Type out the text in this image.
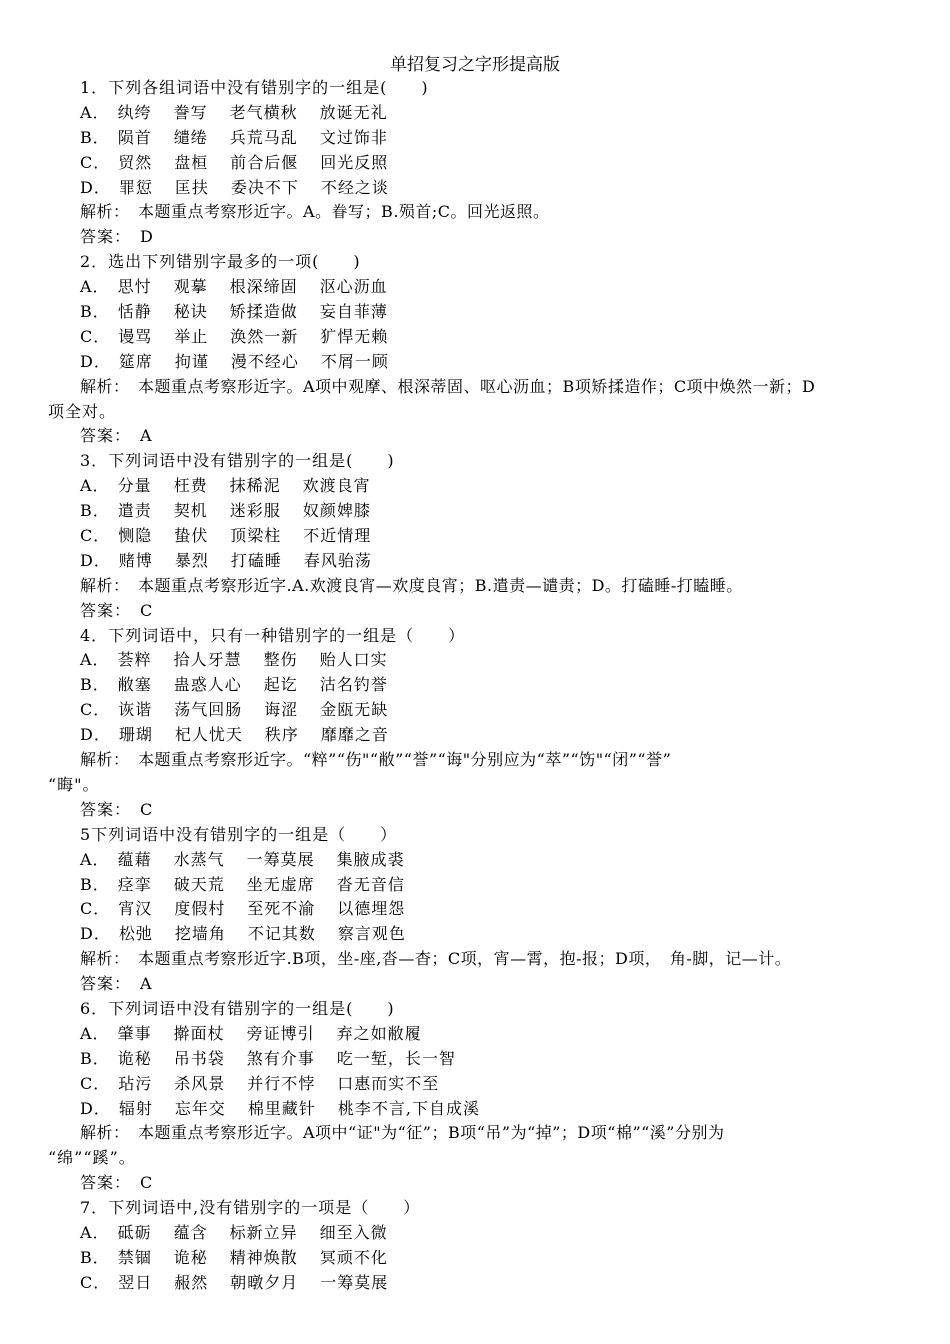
单招复习之字形提高版
1．下列各组词语中没有错别字的一组是(　　)
A． 纨绔 誊写 老气横秋 放诞无礼
B． 陨首 缱绻 兵荒马乱 文过饰非
C． 贸然 盘桓 前合后偃 回光反照
D． 罪愆 匡扶 委决不下 不经之谈
解析：　本题重点考察形近字。A。眷写；B.殒首;C。回光返照。
答案：　D
2．选出下列错别字最多的一项(　　)
A． 思忖 观摹 根深缔固 沤心沥血
B． 恬静 秘诀 矫揉造做 妄自菲薄
C． 谩骂 举止 涣然一新 犷悍无赖
D． 筵席 拘谨 漫不经心 不屑一顾
解析：　本题重点考察形近字。A项中观摩、根深蒂固、呕心沥血；B项矫揉造作；C项中焕然一新；D
项全对。
答案：　A
3．下列词语中没有错别字的一组是(　　)
A． 分量 枉费 抹稀泥 欢渡良宵
B． 遣责 契机 迷彩服 奴颜婢膝
C． 恻隐 蛰伏 顶梁柱 不近情理
D． 赌博 暴烈 打磕睡 春风骀荡
解析：　本题重点考察形近字.A.欢渡良宵—欢度良宵；B.遣责—谴责；D。打磕睡-打瞌睡。
答案：　C
4．下列词语中，只有一种错别字的一组是（　　）
A． 荟粹 拾人牙慧 整伤 贻人口实
B． 敝塞 蛊惑人心 起讫 沽名钓誉
C． 诙谐 荡气回肠 诲涩 金瓯无缺
D． 珊瑚 杞人忧天 秩序 靡靡之音
解析：　本题重点考察形近字。“粹”“伤"“敝”“誉”“诲"分别应为“萃”“饬"“闭”“誉”
“晦"。
答案：　C
5下列词语中没有错别字的一组是（　　）
A． 蕴藉 水蒸气 一筹莫展 集腋成裘
B． 痉挛 破天荒 坐无虚席 沓无音信
C． 宵汉 度假村 至死不渝 以德埋怨
D． 松弛 挖墙角 不记其数 察言观色
解析：　本题重点考察形近字.B项，坐-座,沓—杳；C项，宵—霄，抱-报；D项，　角-脚，记—计。
答案：　A
6．下列词语中没有错别字的一组是(　　)
A． 肇事 擀面杖 旁证博引 弃之如敝履
B． 诡秘 吊书袋 煞有介事 吃一堑，长一智
C． 玷污 杀风景 并行不悖 口惠而实不至
D． 辐射 忘年交 棉里藏针 桃李不言,下自成溪
解析：　本题重点考察形近字。A项中“证"为“征”；B项“吊”为“掉”；D项“棉”“溪”分别为
“绵”“蹊”。
答案：　C
7．下列词语中,没有错别字的一项是（　　）
A． 砥砺 蕴含 标新立异 细至入微
B． 禁锢 诡秘 精神焕散 冥顽不化
C． 翌日 赧然 朝暾夕月 一筹莫展
